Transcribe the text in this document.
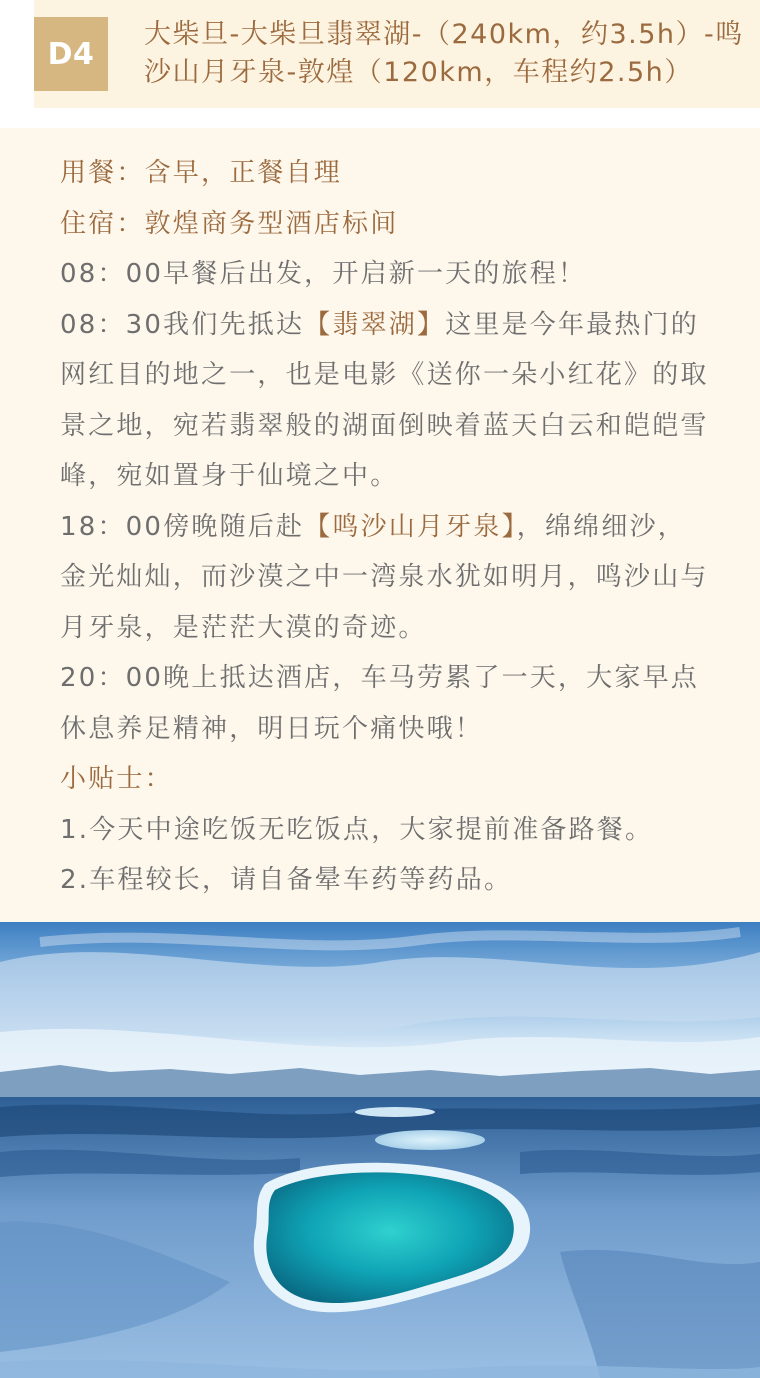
D4
大柴旦-大柴旦翡翠湖-（240km，约3.5h）-鸣
沙山月牙泉-敦煌（120km，车程约2.5h）

用餐：含早，正餐自理

住宿：敦煌商务型酒店标间

08：00早餐后出发，开启新一天的旅程！

08：30我们先抵达【翡翠湖】这里是今年最热门的网红目的地之一，也是电影《送你一朵小红花》的取景之地，宛若翡翠般的湖面倒映着蓝天白云和皑皑雪峰，宛如置身于仙境之中。

18：00傍晚随后赴【鸣沙山月牙泉】，绵绵细沙，金光灿灿，而沙漠之中一湾泉水犹如明月，鸣沙山与月牙泉，是茫茫大漠的奇迹。

20：00晚上抵达酒店，车马劳累了一天，大家早点休息养足精神，明日玩个痛快哦！

小贴士：

1.今天中途吃饭无吃饭点，大家提前准备路餐。

2.车程较长，请自备晕车药等药品。
